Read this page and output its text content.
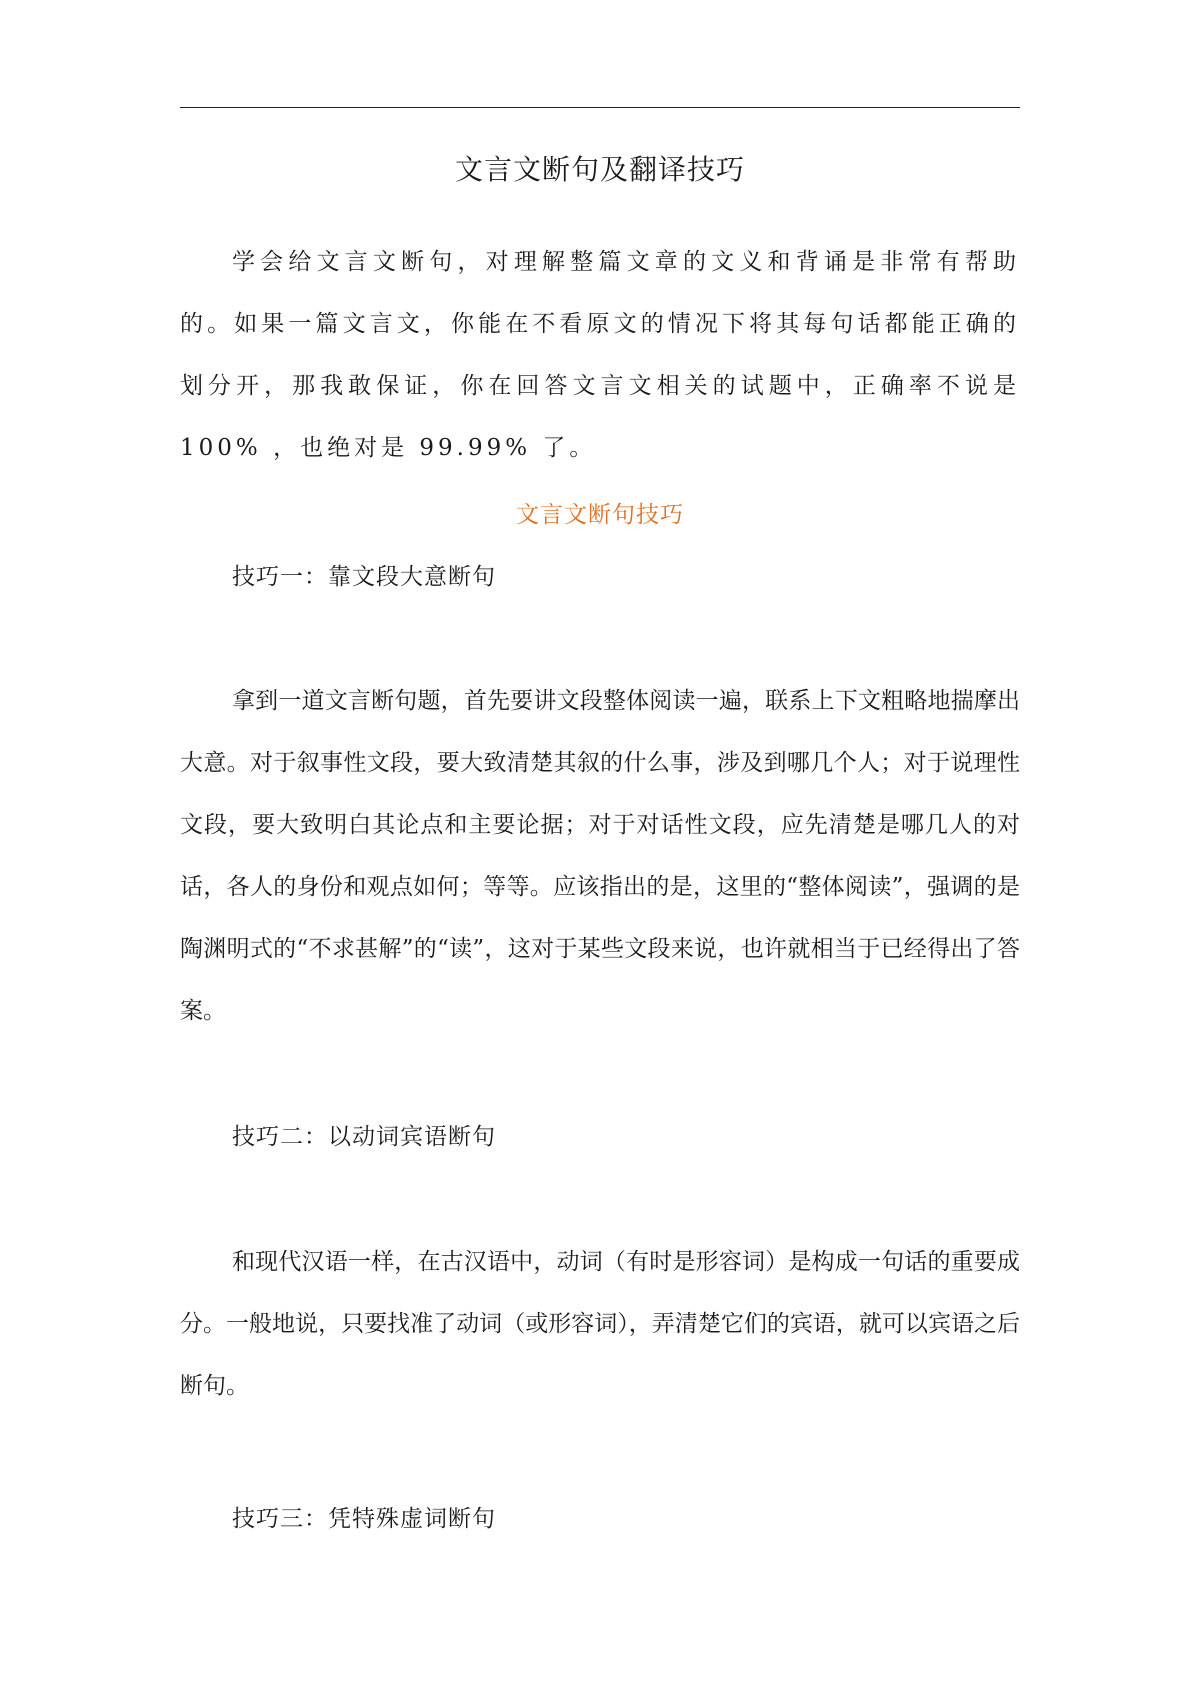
文言文断句及翻译技巧

学会给文言文断句，对理解整篇文章的文义和背诵是非常有帮助的。如果一篇文言文，你能在不看原文的情况下将其每句话都能正确的划分开，那我敢保证，你在回答文言文相关的试题中，正确率不说是 100% ，也绝对是 99.99% 了。

文言文断句技巧
技巧一：靠文段大意断句

拿到一道文言断句题，首先要讲文段整体阅读一遍，联系上下文粗略地揣摩出大意。对于叙事性文段，要大致清楚其叙的什么事，涉及到哪几个人；对于说理性文段，要大致明白其论点和主要论据；对于对话性文段，应先清楚是哪几人的对话，各人的身份和观点如何；等等。应该指出的是，这里的“整体阅读”，强调的是陶渊明式的“不求甚解”的“读”，这对于某些文段来说，也许就相当于已经得出了答案。

技巧二：以动词宾语断句

和现代汉语一样，在古汉语中，动词（有时是形容词）是构成一句话的重要成分。一般地说，只要找准了动词（或形容词），弄清楚它们的宾语，就可以宾语之后断句。

技巧三：凭特殊虚词断句
